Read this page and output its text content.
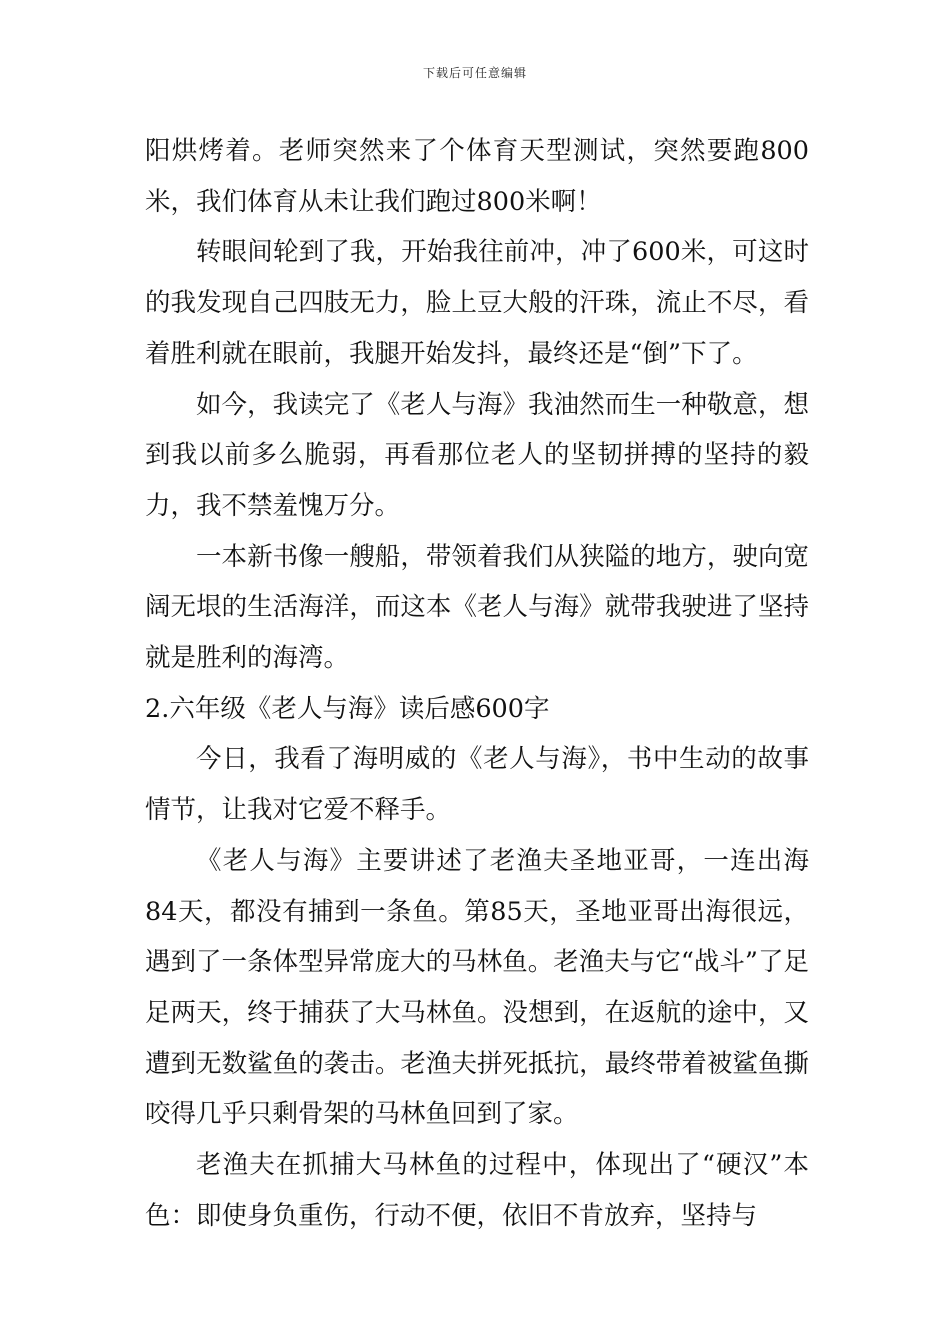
下载后可任意编辑

阳烘烤着。老师突然来了个体育天型测试，突然要跑800米，我们体育从未让我们跑过800米啊！

转眼间轮到了我，开始我往前冲，冲了600米，可这时的我发现自己四肢无力，脸上豆大般的汗珠，流止不尽，看着胜利就在眼前，我腿开始发抖，最终还是“倒”下了。

如今，我读完了《老人与海》我油然而生一种敬意，想到我以前多么脆弱，再看那位老人的坚韧拼搏的坚持的毅力，我不禁羞愧万分。

一本新书像一艘船，带领着我们从狭隘的地方，驶向宽阔无垠的生活海洋，而这本《老人与海》就带我驶进了坚持就是胜利的海湾。

2.六年级《老人与海》读后感600字

今日，我看了海明威的《老人与海》，书中生动的故事情节，让我对它爱不释手。

《老人与海》主要讲述了老渔夫圣地亚哥，一连出海84天，都没有捕到一条鱼。第85天，圣地亚哥出海很远，遇到了一条体型异常庞大的马林鱼。老渔夫与它“战斗”了足足两天，终于捕获了大马林鱼。没想到，在返航的途中，又遭到无数鲨鱼的袭击。老渔夫拼死抵抗，最终带着被鲨鱼撕咬得几乎只剩骨架的马林鱼回到了家。

老渔夫在抓捕大马林鱼的过程中，体现出了“硬汉”本色：即使身负重伤，行动不便，依旧不肯放弃，坚持与
